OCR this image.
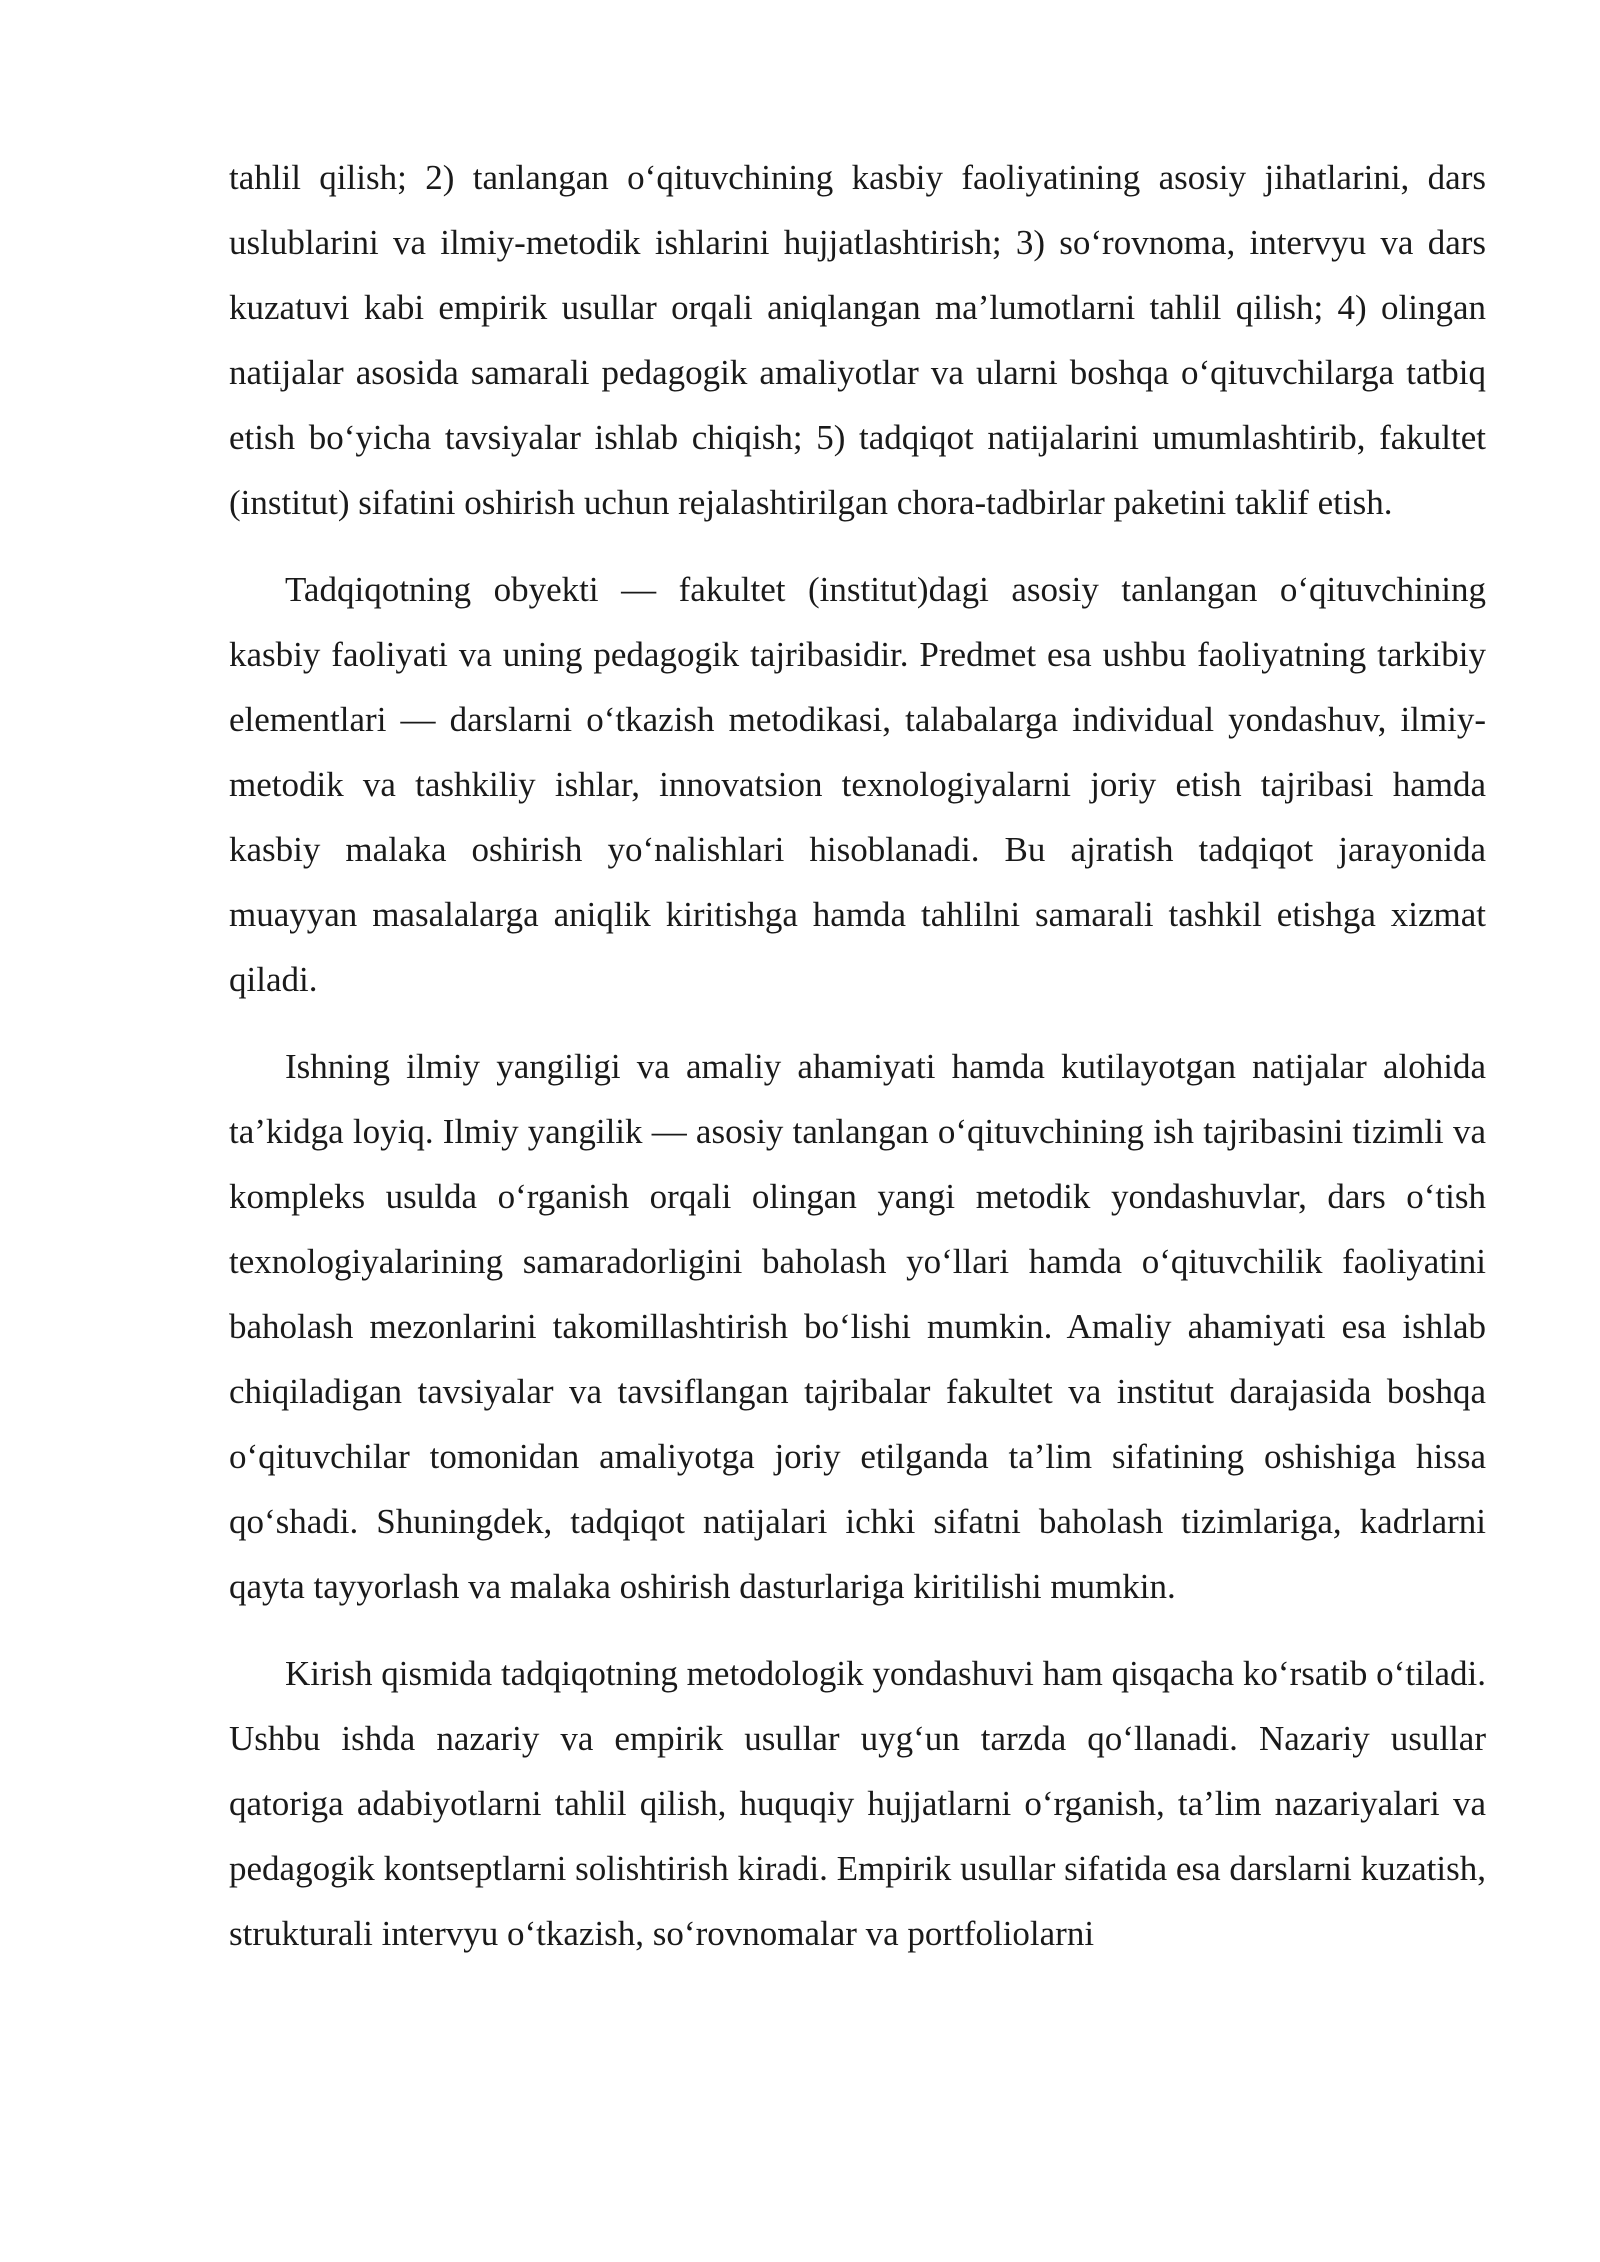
tahlil qilish; 2) tanlangan o‘qituvchining kasbiy faoliyatining asosiy jihatlarini, dars uslublarini va ilmiy-metodik ishlarini hujjatlashtirish; 3) so‘rovnoma, intervyu va dars kuzatuvi kabi empirik usullar orqali aniqlangan ma’lumotlarni tahlil qilish; 4) olingan natijalar asosida samarali pedagogik amaliyotlar va ularni boshqa o‘qituvchilarga tatbiq etish bo‘yicha tavsiyalar ishlab chiqish; 5) tadqiqot natijalarini umumlashtirib, fakultet (institut) sifatini oshirish uchun rejalashtirilgan chora-tadbirlar paketini taklif etish.

Tadqiqotning obyekti — fakultet (institut)dagi asosiy tanlangan o‘qituvchining kasbiy faoliyati va uning pedagogik tajribasidir. Predmet esa ushbu faoliyatning tarkibiy elementlari — darslarni o‘tkazish metodikasi, talabalarga individual yondashuv, ilmiy-metodik va tashkiliy ishlar, innovatsion texnologiyalarni joriy etish tajribasi hamda kasbiy malaka oshirish yo‘nalishlari hisoblanadi. Bu ajratish tadqiqot jarayonida muayyan masalalarga aniqlik kiritishga hamda tahlilni samarali tashkil etishga xizmat qiladi.

Ishning ilmiy yangiligi va amaliy ahamiyati hamda kutilayotgan natijalar alohida ta’kidga loyiq. Ilmiy yangilik — asosiy tanlangan o‘qituvchining ish tajribasini tizimli va kompleks usulda o‘rganish orqali olingan yangi metodik yondashuvlar, dars o‘tish texnologiyalarining samaradorligini baholash yo‘llari hamda o‘qituvchilik faoliyatini baholash mezonlarini takomillashtirish bo‘lishi mumkin. Amaliy ahamiyati esa ishlab chiqiladigan tavsiyalar va tavsiflangan tajribalar fakultet va institut darajasida boshqa o‘qituvchilar tomonidan amaliyotga joriy etilganda ta’lim sifatining oshishiga hissa qo‘shadi. Shuningdek, tadqiqot natijalari ichki sifatni baholash tizimlariga, kadrlarni qayta tayyorlash va malaka oshirish dasturlariga kiritilishi mumkin.

Kirish qismida tadqiqotning metodologik yondashuvi ham qisqacha ko‘rsatib o‘tiladi. Ushbu ishda nazariy va empirik usullar uyg‘un tarzda qo‘llanadi. Nazariy usullar qatoriga adabiyotlarni tahlil qilish, huquqiy hujjatlarni o‘rganish, ta’lim nazariyalari va pedagogik kontseptlarni solishtirish kiradi. Empirik usullar sifatida esa darslarni kuzatish, strukturali intervyu o‘tkazish, so‘rovnomalar va portfoliolarni
